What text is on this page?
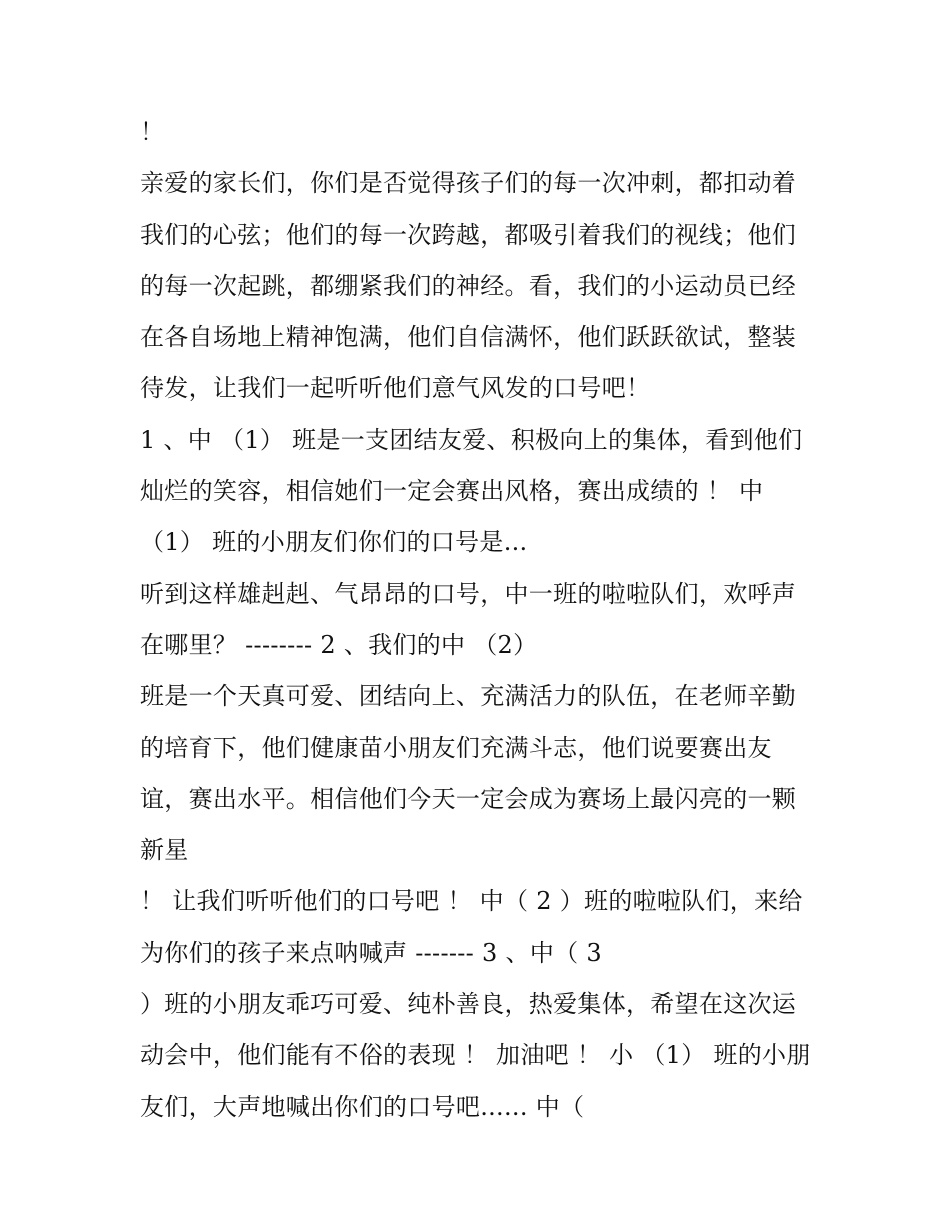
！
亲爱的家长们，你们是否觉得孩子们的每一次冲刺，都扣动着
我们的心弦；他们的每一次跨越，都吸引着我们的视线；他们
的每一次起跳，都绷紧我们的神经。看，我们的小运动员已经
在各自场地上精神饱满，他们自信满怀，他们跃跃欲试，整装
待发，让我们一起听听他们意气风发的口号吧！
1 、中 （1） 班是一支团结友爱、积极向上的集体，看到他们
灿烂的笑容，相信她们一定会赛出风格，赛出成绩的 ！ 中
（1） 班的小朋友们你们的口号是...
听到这样雄赳赳、气昂昂的口号，中一班的啦啦队们，欢呼声
在哪里？ -------- 2 、我们的中 （2）
班是一个天真可爱、团结向上、充满活力的队伍，在老师辛勤
的培育下，他们健康苗小朋友们充满斗志，他们说要赛出友
谊，赛出水平。相信他们今天一定会成为赛场上最闪亮的一颗
新星
！ 让我们听听他们的口号吧 ！ 中（ 2 ）班的啦啦队们，来给
为你们的孩子来点呐喊声 ------- 3 、中（ 3
）班的小朋友乖巧可爱、纯朴善良，热爱集体，希望在这次运
动会中，他们能有不俗的表现 ！ 加油吧 ！ 小 （1） 班的小朋
友们，大声地喊出你们的口号吧...... 中（
